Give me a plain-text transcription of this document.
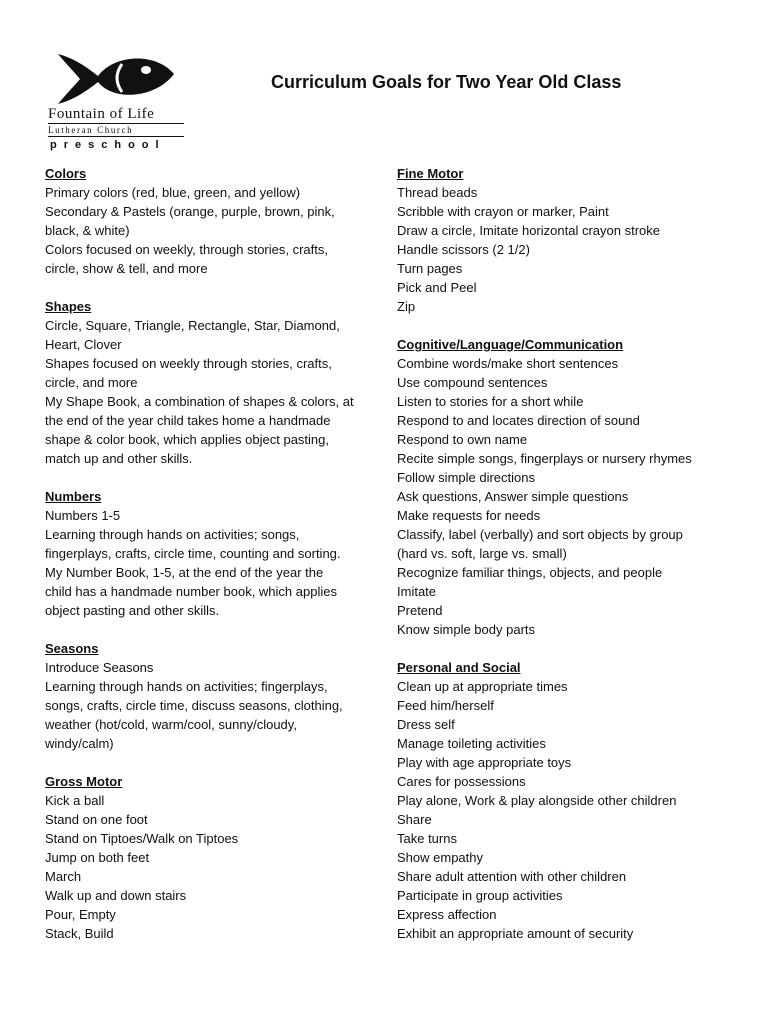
Fountain of Life
Lutheran Church
preschool
Curriculum Goals for Two Year Old Class
Colors
Primary colors (red, blue, green, and yellow)
Secondary & Pastels (orange, purple, brown, pink,
black, & white)
Colors focused on weekly, through stories, crafts,
circle, show & tell, and more
Shapes
Circle, Square, Triangle, Rectangle, Star, Diamond,
Heart, Clover
Shapes focused on weekly through stories, crafts,
circle, and more
My Shape Book, a combination of shapes & colors, at
the end of the year child takes home a handmade
shape & color book, which applies object pasting,
match up and other skills.
Numbers
Numbers 1-5
Learning through hands on activities; songs,
fingerplays, crafts, circle time, counting and sorting.
My Number Book, 1-5, at the end of the year the
child has a handmade number book, which applies
object pasting and other skills.
Seasons
Introduce Seasons
Learning through hands on activities; fingerplays,
songs, crafts, circle time, discuss seasons, clothing,
weather (hot/cold, warm/cool, sunny/cloudy,
windy/calm)
Gross Motor
Kick a ball
Stand on one foot
Stand on Tiptoes/Walk on Tiptoes
Jump on both feet
March
Walk up and down stairs
Pour, Empty
Stack, Build
Fine Motor
Thread beads
Scribble with crayon or marker, Paint
Draw a circle, Imitate horizontal crayon stroke
Handle scissors (2 1/2)
Turn pages
Pick and Peel
Zip
Cognitive/Language/Communication
Combine words/make short sentences
Use compound sentences
Listen to stories for a short while
Respond to and locates direction of sound
Respond to own name
Recite simple songs, fingerplays or nursery rhymes
Follow simple directions
Ask questions, Answer simple questions
Make requests for needs
Classify, label (verbally) and sort objects by group
(hard vs. soft, large vs. small)
Recognize familiar things, objects, and people
Imitate
Pretend
Know simple body parts
Personal and Social
Clean up at appropriate times
Feed him/herself
Dress self
Manage toileting activities
Play with age appropriate toys
Cares for possessions
Play alone, Work & play alongside other children
Share
Take turns
Show empathy
Share adult attention with other children
Participate in group activities
Express affection
Exhibit an appropriate amount of security
